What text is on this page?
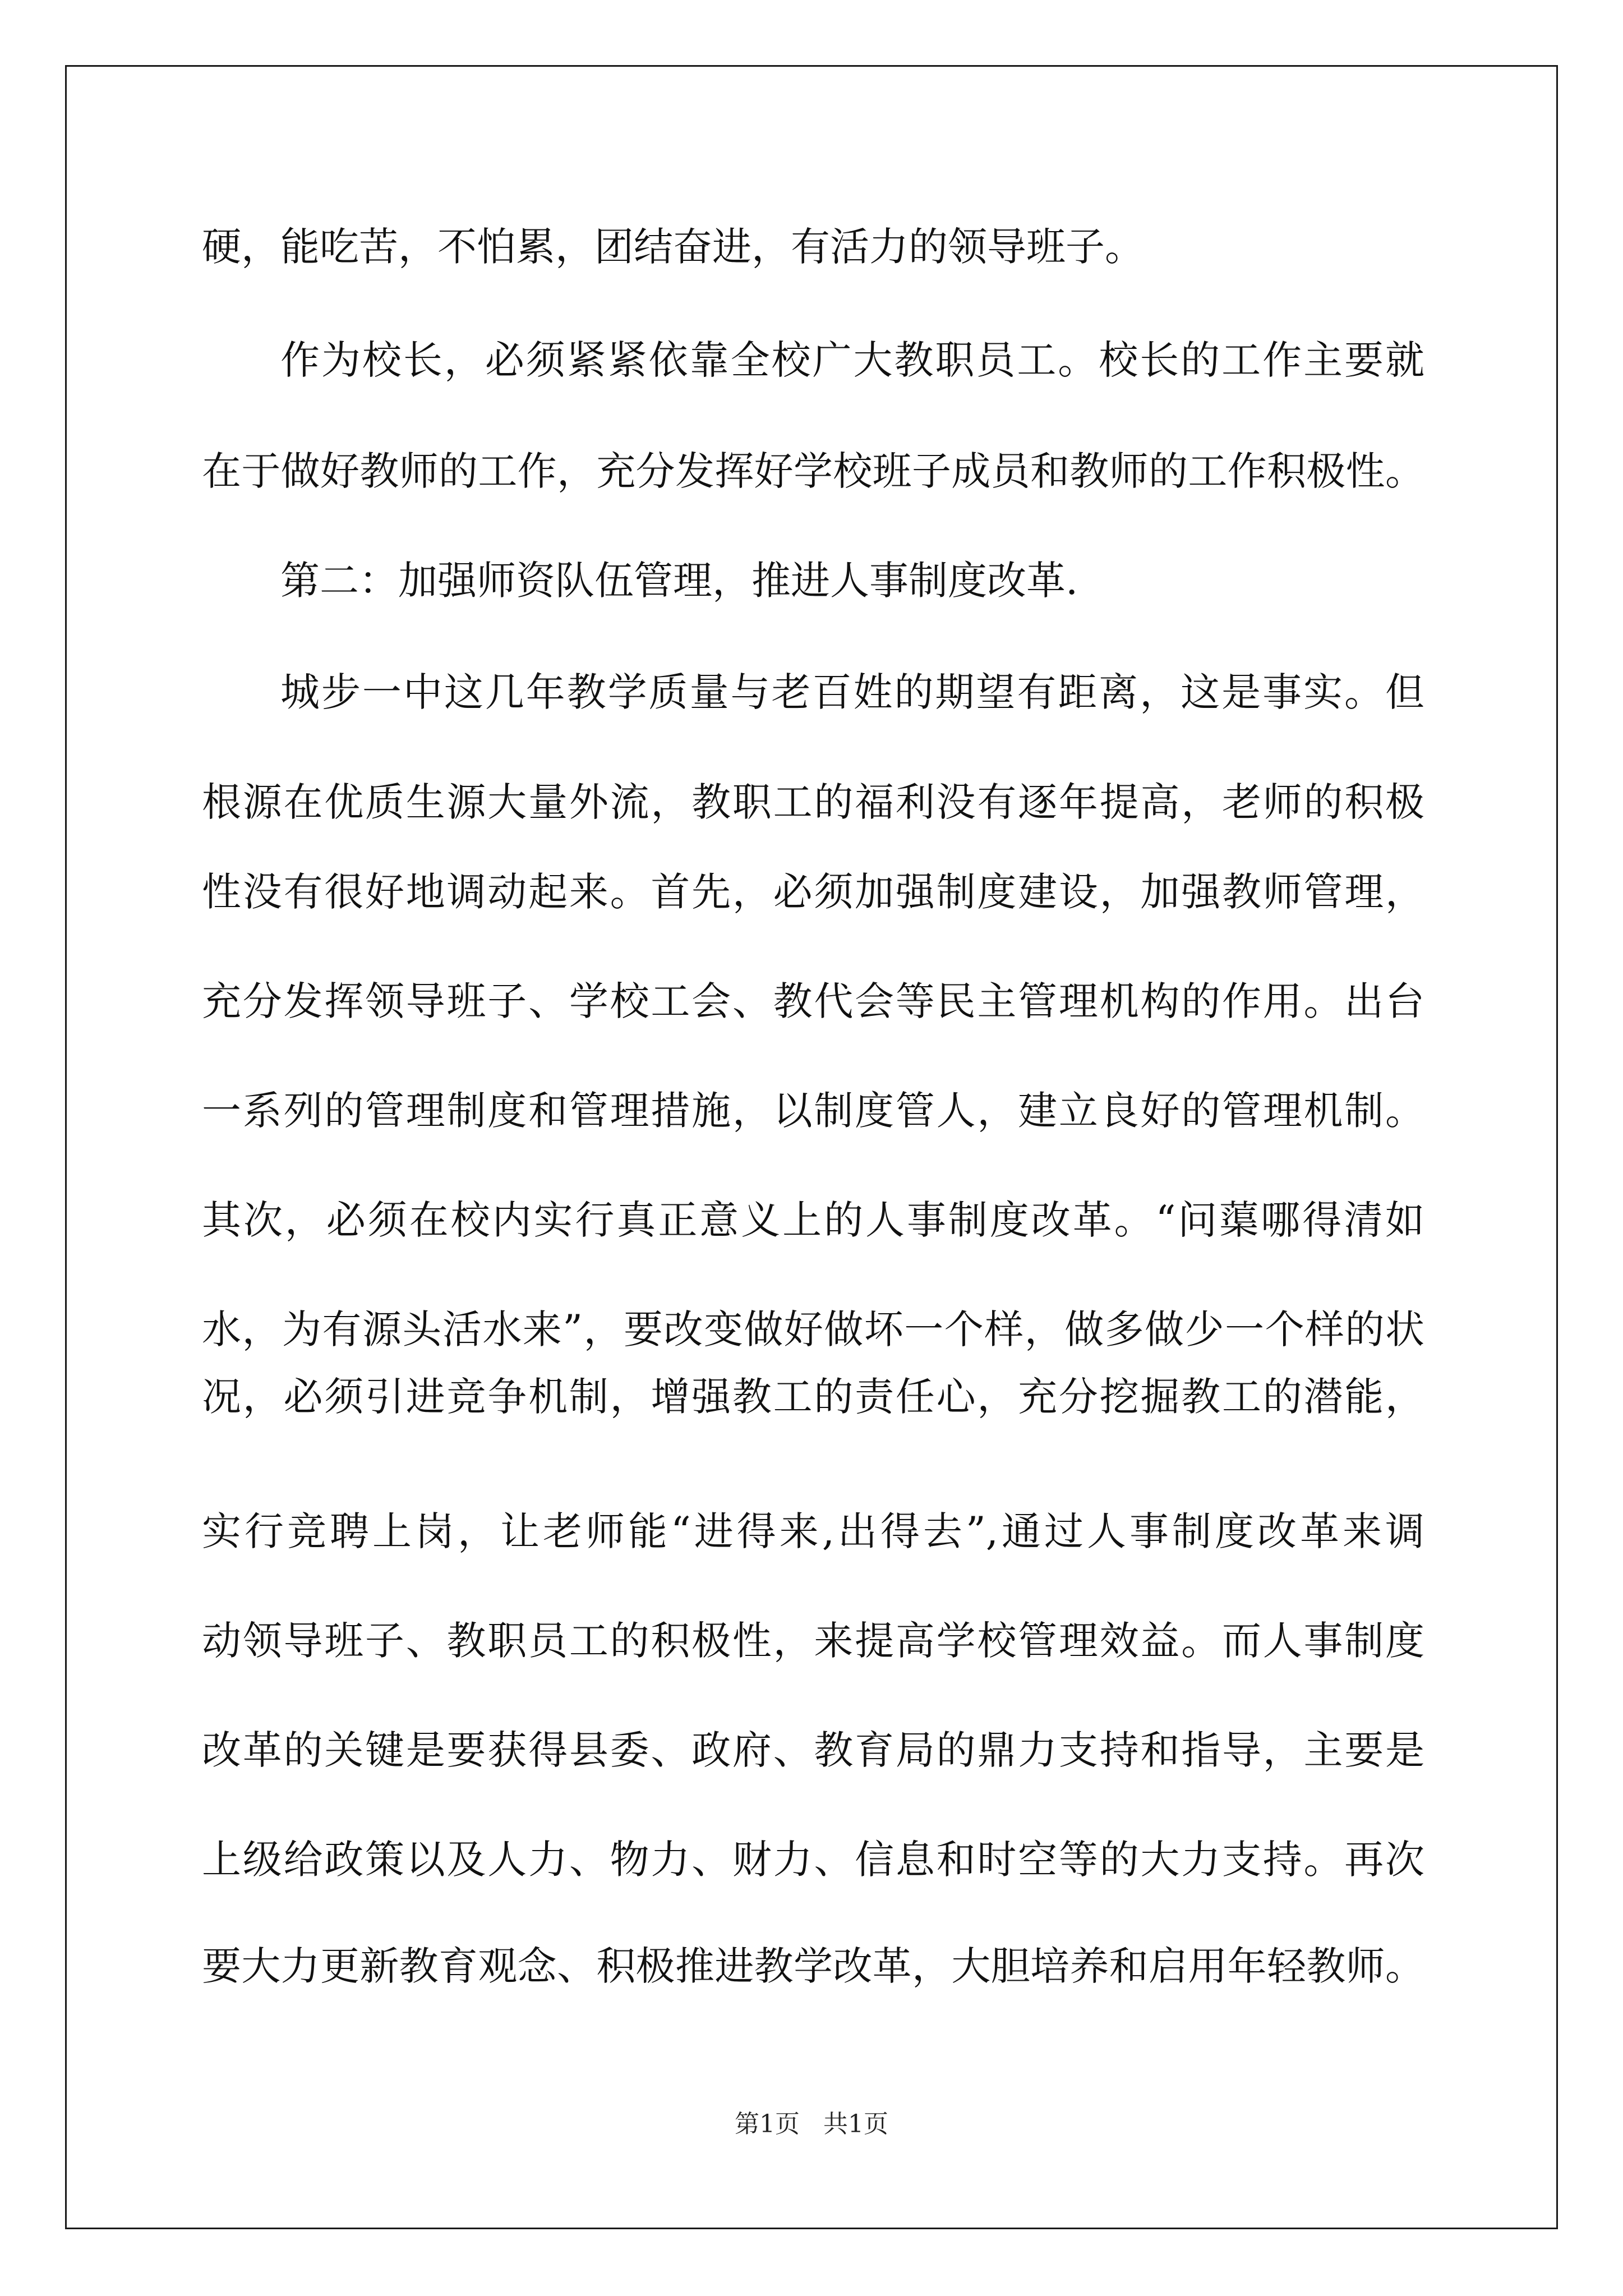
硬，能吃苦，不怕累，团结奋进，有活力的领导班子。
作为校长，必须紧紧依靠全校广大教职员工。校长的工作主要就
在于做好教师的工作，充分发挥好学校班子成员和教师的工作积极性。
第二：加强师资队伍管理，推进人事制度改革.
城步一中这几年教学质量与老百姓的期望有距离，这是事实。但
根源在优质生源大量外流，教职工的福利没有逐年提高，老师的积极
性没有很好地调动起来。首先，必须加强制度建设，加强教师管理，
充分发挥领导班子、学校工会、教代会等民主管理机构的作用。出台
一系列的管理制度和管理措施，以制度管人，建立良好的管理机制。
其次，必须在校内实行真正意义上的人事制度改革。“问蕖哪得清如
水，为有源头活水来”，要改变做好做坏一个样，做多做少一个样的状
况，必须引进竞争机制，增强教工的责任心，充分挖掘教工的潜能，
实行竞聘上岗，让老师能“进得来,出得去”,通过人事制度改革来调
动领导班子、教职员工的积极性，来提高学校管理效益。而人事制度
改革的关键是要获得县委、政府、教育局的鼎力支持和指导，主要是
上级给政策以及人力、物力、财力、信息和时空等的大力支持。再次
要大力更新教育观念、积极推进教学改革，大胆培养和启用年轻教师。
第1页   共1页
